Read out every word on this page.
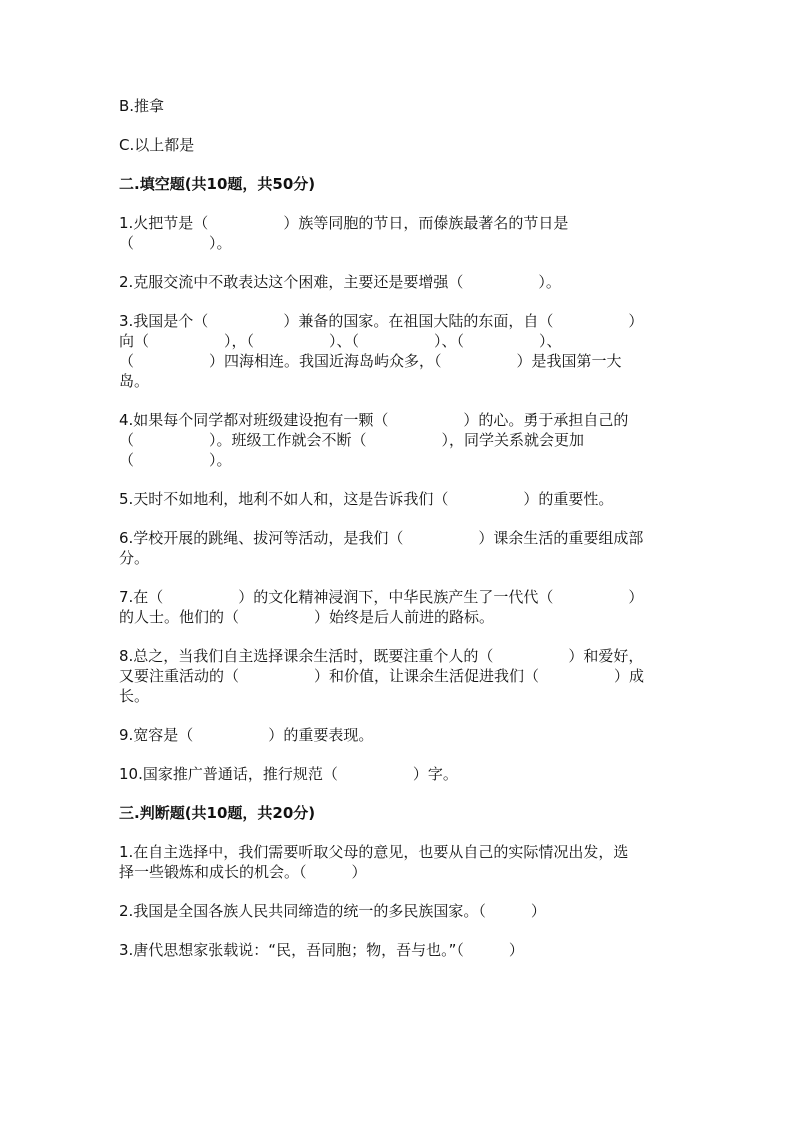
B.推拿

C.以上都是

二.填空题(共10题，共50分)

1.火把节是（　　　　　）族等同胞的节日，而傣族最著名的节日是

（　　　　　）。

2.克服交流中不敢表达这个困难，主要还是要增强（　　　　　）。

3.我国是个（　　　　　）兼备的国家。在祖国大陆的东面，自（　　　　　）

向（　　　　　），（　　　　　）、（　　　　　）、（　　　　　）、

（　　　　　）四海相连。我国近海岛屿众多，（　　　　　）是我国第一大

岛。

4.如果每个同学都对班级建设抱有一颗（　　　　　）的心。勇于承担自己的

（　　　　　）。班级工作就会不断（　　　　　），同学关系就会更加

（　　　　　）。

5.天时不如地利，地利不如人和，这是告诉我们（　　　　　）的重要性。

6.学校开展的跳绳、拔河等活动，是我们（　　　　　）课余生活的重要组成部

分。

7.在（　　　　　）的文化精神浸润下，中华民族产生了一代代（　　　　　）

的人士。他们的（　　　　　）始终是后人前进的路标。

8.总之，当我们自主选择课余生活时，既要注重个人的（　　　　　）和爱好，

又要注重活动的（　　　　　）和价值，让课余生活促进我们（　　　　　）成

长。

9.宽容是（　　　　　）的重要表现。

10.国家推广普通话，推行规范（　　　　　）字。

三.判断题(共10题，共20分)

1.在自主选择中，我们需要听取父母的意见，也要从自己的实际情况出发，选

择一些锻炼和成长的机会。（　　　）

2.我国是全国各族人民共同缔造的统一的多民族国家。（　　　）

3.唐代思想家张载说：“民，吾同胞；物，吾与也。”（　　　）
